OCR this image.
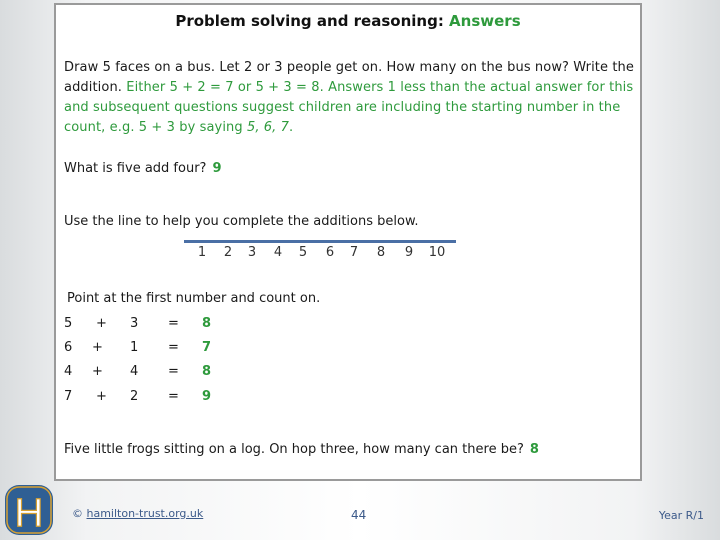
Problem solving and reasoning: Answers
Draw 5 faces on a bus. Let 2 or 3 people get on. How many on the bus now? Write the addition. Either 5 + 2 = 7 or 5 + 3 = 8. Answers 1 less than the actual answer for this and subsequent questions suggest children are including the starting number in the count, e.g. 5 + 3 by saying 5, 6, 7.
What is five add four? 9
Use the line to help you complete the additions below.
1 2 3 4 5 6 7 8 9 10
Point at the first number and count on.
5 + 3 = 8
6 + 1 = 7
4 + 4 = 8
7 + 2 = 9
Five little frogs sitting on a log. On hop three, how many can there be? 8
H	© hamilton-trust.org.uk	44	Year R/1
